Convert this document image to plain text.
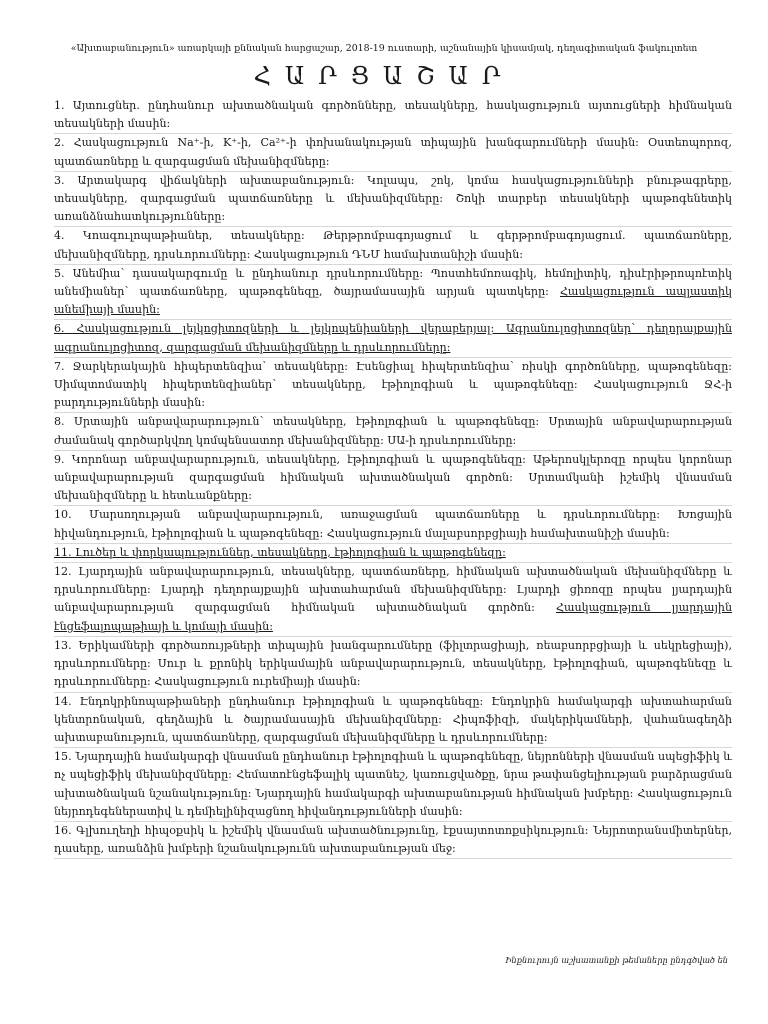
«Ախտաբանություն» առարկայի քննական հարցաշար, 2018-19 ուստարի, աշնանային կիսամյակ, դեղագիտական ֆակուլտետ
ՀԱՐՑԱՇԱՐ

1. Այտուցներ. ընդհանուր ախտածնական գործոնները, տեսակները, հասկացություն այտուցների հիմնական տեսակների մասին:

2. Հասկացություն Na⁺-ի, K⁺-ի, Ca²⁺-ի փոխանակության տիպային խանգարումների մասին: Օստեոպորոզ, պատճառները և զարգացման մեխանիզմները:

3. Արտակարգ վիճակների ախտաբանություն: Կոլապս, շոկ, կոմա հասկացությունների բնութագրերը, տեսակները, զարգացման պատճառները և մեխանիզմները: Շոկի տարբեր տեսակների պաթոգենետիկ առանձնահատկությունները:

4. Կոագուլոպաթիաներ, տեսակները: Թերթրոմբագոյացում և գերթրոմբագոյացում. պատճառները, մեխանիզմները, դրսևորումները: Հասկացություն ԴՆՄ համախտանիշի մասին:

5. Անեմիա՝ դասակարգումը և ընդհանուր դրսևորումները: Պոստհեմոռագիկ, հեմոլիտիկ, դիսէրիթրոպոէտիկ անեմիաներ՝ պատճառները, պաթոգենեզը, ծայրամասային արյան պատկերը: Հասկացություն ապլաստիկ անեմիայի մասին:

6. Հասկացություն լեյկոցիտոզների և լեյկոպենիաների վերաբերյալ: Ագրանուլոցիտոզներ՝ դեղորայքային ագրանուլոցիտոզ, զարգացման մեխանիզմները և դրսևորումները:

7. Ջարկերակային հիպերտենզիա՝ տեսակները: Էսենցիալ հիպերտենզիա՝ ռիսկի գործոնները, պաթոգենեզը: Սիմպտոմատիկ հիպերտենզիաներ՝ տեսակները, էթիոլոգիան և պաթոգենեզը: Հասկացություն ՋՀ-ի բարդությունների մասին:

8. Սրտային անբավարարություն՝ տեսակները, էթիոլոգիան և պաթոգենեզը: Սրտային անբավարարության ժամանակ գործարկվող կոմպենսատոր մեխանիզմները: ՍԱ-ի դրսևորումները:

9. Կորոնար անբավարարություն, տեսակները, էթիոլոգիան և պաթոգենեզը: Աթերոսկլերոզը որպես կորոնար անբավարարության զարգացման հիմնական ախտածնական գործոն: Սրտամկանի իշեմիկ վնասման մեխանիզմները և հետևանքները:

10. Մարսողության անբավարարություն, առաջացման պատճառները և դրսևորումները: Խոցային հիվանդություն, էթիոլոգիան և պաթոգենեզը: Հասկացություն մալաբսորբցիայի համախտանիշի մասին:

11. Լուծեր և փորկապություններ, տեսակները, էթիոլոգիան և պաթոգենեզը:

12. Լյարդային անբավարարություն, տեսակները, պատճառները, հիմնական ախտածնական մեխանիզմները և դրսևորումները: Լյարդի դեղորայքային ախտահարման մեխանիզմները: Լյարդի ցիռոզը որպես լյարդային անբավարարության զարգացման հիմնական ախտածնական գործոն: Հասկացություն լյարդային էնցեֆալոպաթիայի և կոմայի մասին:

13. Երիկամների գործառույթների տիպային խանգարումները (ֆիլտրացիայի, ռեաբսորբցիայի և սեկրեցիայի), դրսևորումները: Սուր և քրոնիկ երիկամային անբավարարություն, տեսակները, էթիոլոգիան, պաթոգենեզը և դրսևորումները: Հասկացություն ուրեմիայի մասին:

14. Էնդոկրինոպաթիաների ընդհանուր էթիոլոգիան և պաթոգենեզը: Էնդոկրին համակարգի ախտահարման կենտրոնական, գեղձային և ծայրամասային մեխանիզմները: Հիպոֆիզի, մակերիկամների, վահանագեղձի ախտաբանություն, պատճառները, զարգացման մեխանիզմները և դրսևորումները:

15. Նյարդային համակարգի վնասման ընդհանուր էթիոլոգիան և պաթոգենեզը, նեյրոնների վնասման սպեցիֆիկ և ոչ սպեցիֆիկ մեխանիզմները: Հեմատոէնցեֆալիկ պատնեշ, կառուցվածքը, նրա թափանցելիության բարձրացման ախտածնական նշանակությունը: Նյարդային համակարգի ախտաբանության հիմնական խմբերը: Հասկացություն նեյրոդեգեներատիվ և դեմիելինիզացնող հիվանդությունների մասին:

16. Գլխուղեղի հիպօքսիկ և իշեմիկ վնասման ախտածնությունը, էքսայտոտոքսիկություն: Նեյրոտրանսմիտերներ, դասերը, առանձին խմբերի նշանակությունն ախտաբանության մեջ:

Ինքնուրույն աշխատանքի թեմաները ընդգծված են
